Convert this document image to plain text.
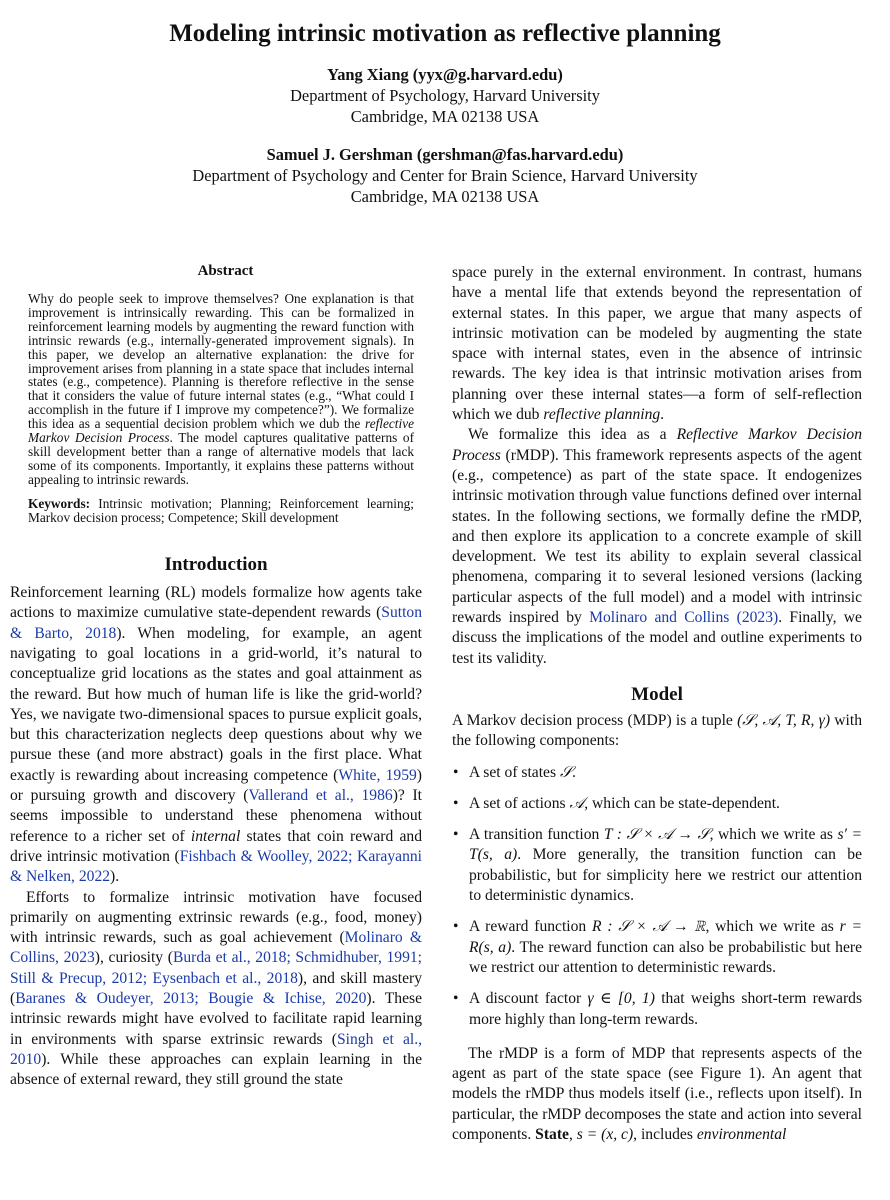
Modeling intrinsic motivation as reflective planning
Yang Xiang (yyx@g.harvard.edu)
Department of Psychology, Harvard University
Cambridge, MA 02138 USA
Samuel J. Gershman (gershman@fas.harvard.edu)
Department of Psychology and Center for Brain Science, Harvard University
Cambridge, MA 02138 USA
Abstract
Why do people seek to improve themselves? One explanation is that improvement is intrinsically rewarding. This can be formalized in reinforcement learning models by augmenting the reward function with intrinsic rewards (e.g., internally-generated improvement signals). In this paper, we develop an alternative explanation: the drive for improvement arises from planning in a state space that includes internal states (e.g., competence). Planning is therefore reflective in the sense that it considers the value of future internal states (e.g., “What could I accomplish in the future if I improve my competence?”). We formalize this idea as a sequential decision problem which we dub the reflective Markov Decision Process. The model captures qualitative patterns of skill development better than a range of alternative models that lack some of its components. Importantly, it explains these patterns without appealing to intrinsic rewards.
Keywords: Intrinsic motivation; Planning; Reinforcement learning; Markov decision process; Competence; Skill development
Introduction

Reinforcement learning (RL) models formalize how agents take actions to maximize cumulative state-dependent rewards (Sutton & Barto, 2018). When modeling, for example, an agent navigating to goal locations in a grid-world, it’s natural to conceptualize grid locations as the states and goal attainment as the reward. But how much of human life is like the grid-world? Yes, we navigate two-dimensional spaces to pursue explicit goals, but this characterization neglects deep questions about why we pursue these (and more abstract) goals in the first place. What exactly is rewarding about increasing competence (White, 1959) or pursuing growth and discovery (Vallerand et al., 1986)? It seems impossible to understand these phenomena without reference to a richer set of internal states that coin reward and drive intrinsic motivation (Fishbach & Woolley, 2022; Karayanni & Nelken, 2022).

Efforts to formalize intrinsic motivation have focused primarily on augmenting extrinsic rewards (e.g., food, money) with intrinsic rewards, such as goal achievement (Molinaro & Collins, 2023), curiosity (Burda et al., 2018; Schmidhuber, 1991; Still & Precup, 2012; Eysenbach et al., 2018), and skill mastery (Baranes & Oudeyer, 2013; Bougie & Ichise, 2020). These intrinsic rewards might have evolved to facilitate rapid learning in environments with sparse extrinsic rewards (Singh et al., 2010). While these approaches can explain learning in the absence of external reward, they still ground the state

space purely in the external environment. In contrast, humans have a mental life that extends beyond the representation of external states. In this paper, we argue that many aspects of intrinsic motivation can be modeled by augmenting the state space with internal states, even in the absence of intrinsic rewards. The key idea is that intrinsic motivation arises from planning over these internal states—a form of self-reflection which we dub reflective planning.

We formalize this idea as a Reflective Markov Decision Process (rMDP). This framework represents aspects of the agent (e.g., competence) as part of the state space. It endogenizes intrinsic motivation through value functions defined over internal states. In the following sections, we formally define the rMDP, and then explore its application to a concrete example of skill development. We test its ability to explain several classical phenomena, comparing it to several lesioned versions (lacking particular aspects of the full model) and a model with intrinsic rewards inspired by Molinaro and Collins (2023). Finally, we discuss the implications of the model and outline experiments to test its validity.

Model

A Markov decision process (MDP) is a tuple (𝒮, 𝒜, T, R, γ) with the following components:

• A set of states 𝒮.
• A set of actions 𝒜, which can be state-dependent.
• A transition function T : 𝒮 × 𝒜 → 𝒮, which we write as s′ = T(s, a). More generally, the transition function can be probabilistic, but for simplicity here we restrict our attention to deterministic dynamics.
• A reward function R : 𝒮 × 𝒜 → ℝ, which we write as r = R(s, a). The reward function can also be probabilistic but here we restrict our attention to deterministic rewards.
• A discount factor γ ∈ [0, 1) that weighs short-term rewards more highly than long-term rewards.

The rMDP is a form of MDP that represents aspects of the agent as part of the state space (see Figure 1). An agent that models the rMDP thus models itself (i.e., reflects upon itself). In particular, the rMDP decomposes the state and action into several components. State, s = (x, c), includes environmental
